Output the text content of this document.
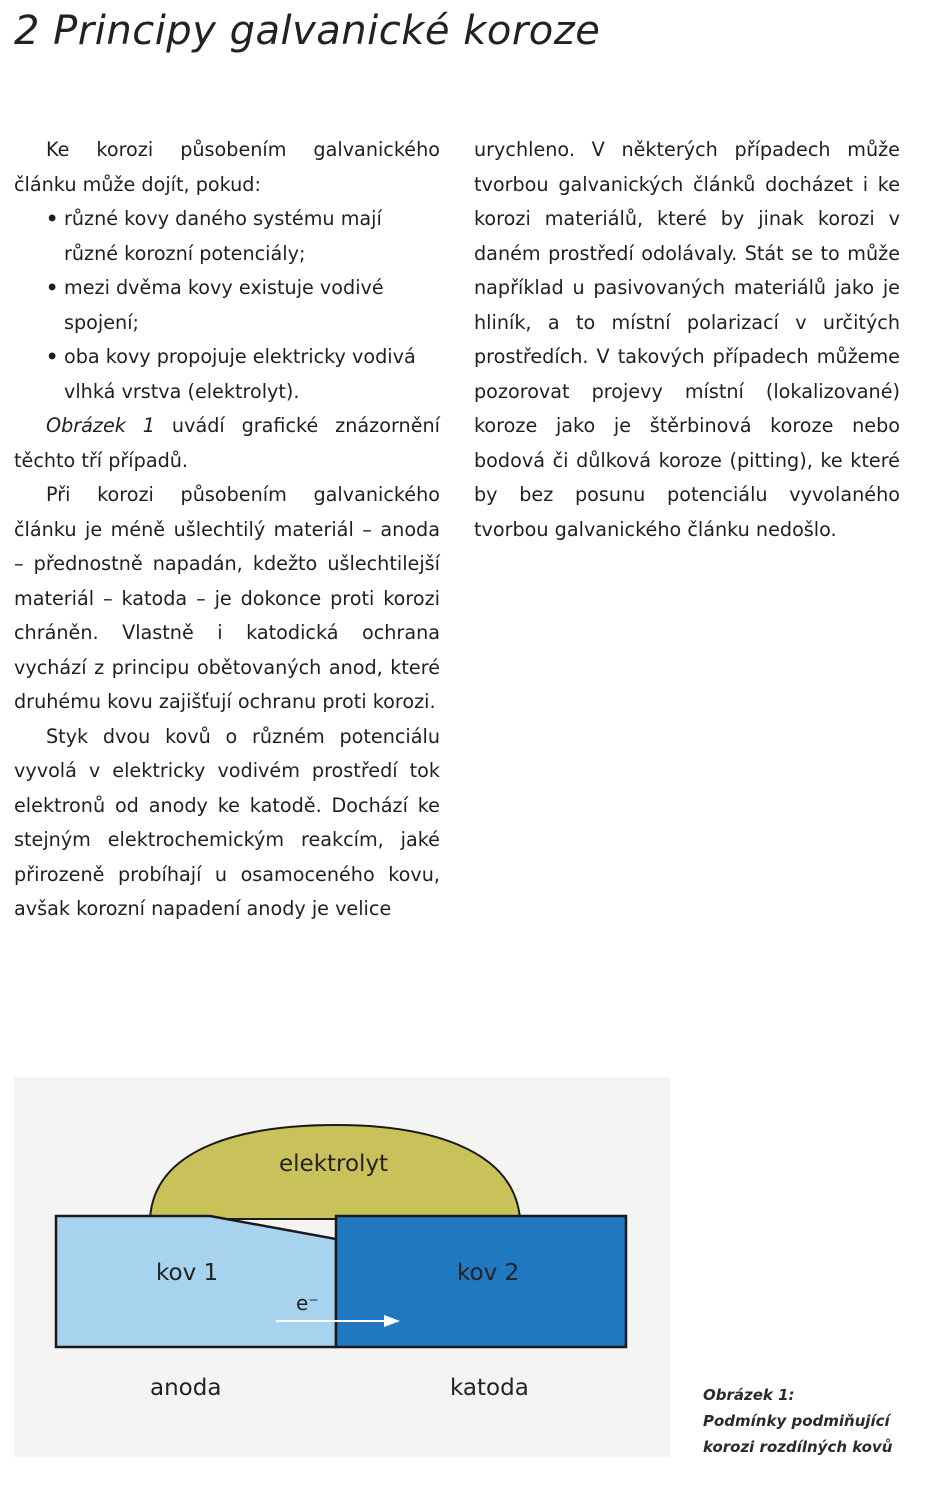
2 Principy galvanické koroze

Ke korozi působením galvanického článku může dojít, pokud:

• různé kovy daného systému mají různé korozní potenciály;
• mezi dvěma kovy existuje vodivé spojení;
• oba kovy propojuje elektricky vodivá vlhká vrstva (elektrolyt).

Obrázek 1 uvádí grafické znázornění těchto tří případů.

Při korozi působením galvanického článku je méně ušlechtilý materiál – anoda – přednostně napadán, kdežto ušlechtilejší materiál – katoda – je dokonce proti korozi chráněn. Vlastně i katodická ochrana vychází z principu obětovaných anod, které druhému kovu zajišťují ochranu proti korozi.

Styk dvou kovů o různém potenciálu vyvolá v elektricky vodivém prostředí tok elektronů od anody ke katodě. Dochází ke stejným elektrochemickým reakcím, jaké přirozeně probíhají u osamoceného kovu, avšak korozní napadení anody je velice

urychleno. V některých případech může tvorbou galvanických článků docházet i ke korozi materiálů, které by jinak korozi v daném prostředí odolávaly. Stát se to může například u pasivovaných materiálů jako je hliník, a to místní polarizací v určitých prostředích. V takových případech můžeme pozorovat projevy místní (lokalizované) koroze jako je štěrbinová koroze nebo bodová či důlková koroze (pitting), ke které by bez posunu potenciálu vyvolaného tvorbou galvanického článku nedošlo.

elektrolyt
kov 1	kov 2
e⁻
anoda	katoda	Obrázek 1:
Podmínky podmiňující
korozi rozdílných kovů
